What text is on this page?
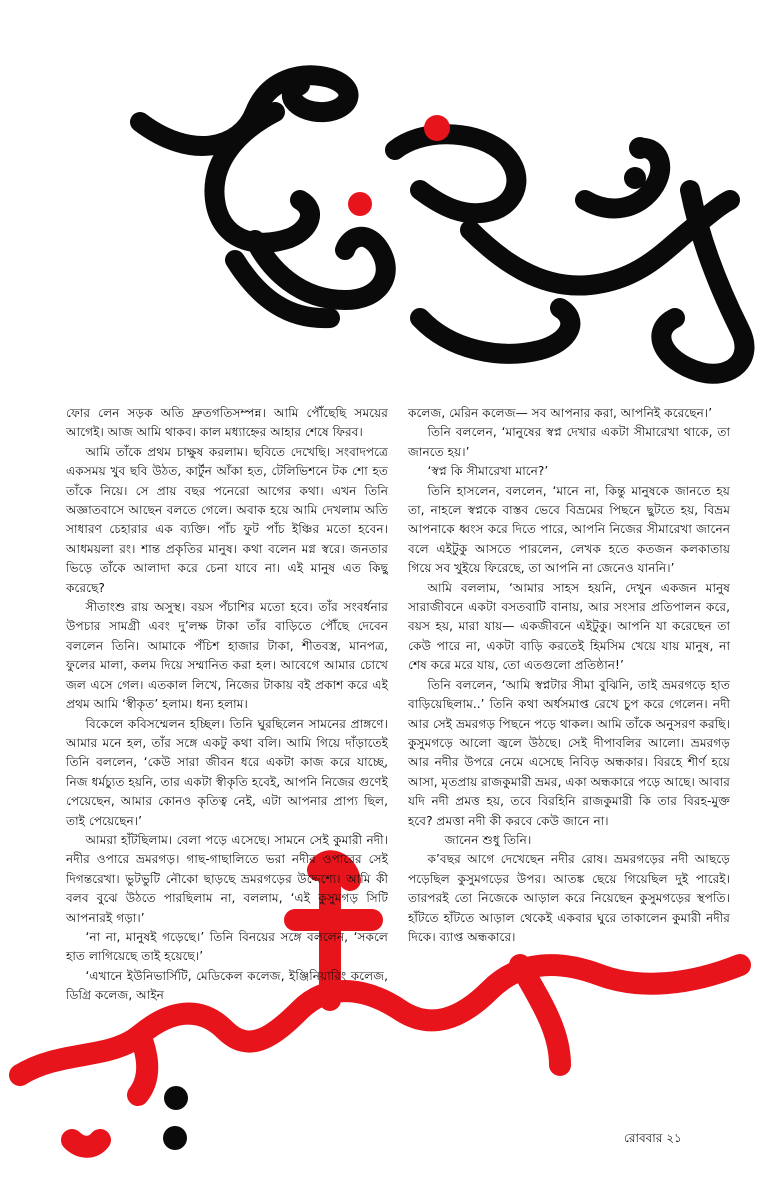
ফোর লেন সড়ক অতি দ্রুতগতিসম্পন্ন। আমি পৌঁছেছি সময়ের আগেই। আজ আমি থাকব। কাল মধ্যাহ্নের আহার শেষে ফিরব।

আমি তাঁকে প্রথম চাক্ষুষ করলাম। ছবিতে দেখেছি। সংবাদপত্রে একসময় খুব ছবি উঠত, কার্টুন আঁকা হত, টেলিভিশনে টক শো হত তাঁকে নিয়ে। সে প্রায় বছর পনেরো আগের কথা। এখন তিনি অজ্ঞাতবাসে আছেন বলতে গেলে। অবাক হয়ে আমি দেখলাম অতি সাধারণ চেহারার এক ব্যক্তি। পাঁচ ফুট পাঁচ ইঞ্চির মতো হবেন। আধময়লা রং। শান্ত প্রকৃতির মানুষ। কথা বলেন মগ্ন স্বরে। জনতার ভিড়ে তাঁকে আলাদা করে চেনা যাবে না। এই মানুষ এত কিছু করেছে?

সীতাংশু রায় অসুস্থ। বয়স পঁচাশির মতো হবে। তাঁর সংবর্ধনার উপচার সামগ্রী এবং দু’লক্ষ টাকা তাঁর বাড়িতে পৌঁছে দেবেন বললেন তিনি। আমাকে পঁচিশ হাজার টাকা, শীতবস্ত্র, মানপত্র, ফুলের মালা, কলম দিয়ে সম্মানিত করা হল। আবেগে আমার চোখে জল এসে গেল। এতকাল লিখে, নিজের টাকায় বই প্রকাশ করে এই প্রথম আমি ‘স্বীকৃত’ হলাম। ধন্য হলাম।

বিকেলে কবিসম্মেলন হচ্ছিল। তিনি ঘুরছিলেন সামনের প্রাঙ্গণে। আমার মনে হল, তাঁর সঙ্গে একটু কথা বলি। আমি গিয়ে দাঁড়াতেই তিনি বললেন, ‘কেউ সারা জীবন ধরে একটা কাজ করে যাচ্ছে, নিজ ধর্মচ্যুত হয়নি, তার একটা স্বীকৃতি হবেই, আপনি নিজের গুণেই পেয়েছেন, আমার কোনও কৃতিত্ব নেই, এটা আপনার প্রাপ্য ছিল, তাই পেয়েছেন।’

আমরা হাঁটছিলাম। বেলা পড়ে এসেছে। সামনে সেই কুমারী নদী। নদীর ওপারে ভ্রমরগড়। গাছ-গাছালিতে ভরা নদীর ওপারের সেই দিগন্তরেখা। ভুটভুটি নৌকো ছাড়ছে ভ্রমরগড়ের উদ্দেশ্যে। আমি কী বলব বুঝে উঠতে পারছিলাম না, বললাম, ‘এই কুসুমগড় সিটি আপনারই গড়া।’

‘না না, মানুষই গড়েছে।’ তিনি বিনয়ের সঙ্গে বললেন, ‘সকলে হাত লাগিয়েছে তাই হয়েছে।’

‘এখানে ইউনিভার্সিটি, মেডিকেল কলেজ, ইঞ্জিনিয়ারিং কলেজ, ডিগ্রি কলেজ, আইন

কলেজ, মেরিন কলেজ— সব আপনার করা, আপনিই করেছেন।’

তিনি বললেন, ‘মানুষের স্বপ্ন দেখার একটা সীমারেখা থাকে, তা জানতে হয়।’

‘স্বপ্ন কি সীমারেখা মানে?’

তিনি হাসলেন, বললেন, ‘মানে না, কিন্তু মানুষকে জানতে হয় তা, নাহলে স্বপ্নকে বাস্তব ভেবে বিভ্রমের পিছনে ছুটতে হয়, বিভ্রম আপনাকে ধ্বংস করে দিতে পারে, আপনি নিজের সীমারেখা জানেন বলে এইটুকু আসতে পারলেন, লেখক হতে কতজন কলকাতায় গিয়ে সব খুইয়ে ফিরেছে, তা আপনি না জেনেও যাননি।’

আমি বললাম, ‘আমার সাহস হয়নি, দেখুন একজন মানুষ সারাজীবনে একটা বসতবাটি বানায়, আর সংসার প্রতিপালন করে, বয়স হয়, মারা যায়— একজীবনে এইটুকু। আপনি যা করেছেন তা কেউ পারে না, একটা বাড়ি করতেই হিমসিম খেয়ে যায় মানুষ, না শেষ করে মরে যায়, তো এতগুলো প্রতিষ্ঠান!’

তিনি বললেন, ‘আমি স্বপ্নটার সীমা বুঝিনি, তাই ভ্রমরগড়ে হাত বাড়িয়েছিলাম..’ তিনি কথা অর্ধসমাপ্ত রেখে চুপ করে গেলেন। নদী আর সেই ভ্রমরগড় পিছনে পড়ে থাকল। আমি তাঁকে অনুসরণ করছি। কুসুমগড়ে আলো জ্বলে উঠছে। সেই দীপাবলির আলো। ভ্রমরগড় আর নদীর উপরে নেমে এসেছে নিবিড় অন্ধকার। বিরহে শীর্ণ হয়ে আসা, মৃতপ্রায় রাজকুমারী ভ্রমর, একা অন্ধকারে পড়ে আছে। আবার যদি নদী প্রমত্ত হয়, তবে বিরহিনি রাজকুমারী কি তার বিরহ-মুক্ত হবে? প্রমত্তা নদী কী করবে কেউ জানে না।

জানেন শুধু তিনি।

ক’বছর আগে দেখেছেন নদীর রোষ। ভ্রমরগড়ের নদী আছড়ে পড়েছিল কুসুমগড়ের উপর। আতঙ্ক ছেয়ে গিয়েছিল দুই পারেই। তারপরই তো নিজেকে আড়াল করে নিয়েছেন কুসুমগড়ের স্থপতি। হাঁটতে হাঁটতে আড়াল থেকেই একবার ঘুরে তাকালেন কুমারী নদীর দিকে। ব্যাপ্ত অন্ধকারে।

রোববার ২১
